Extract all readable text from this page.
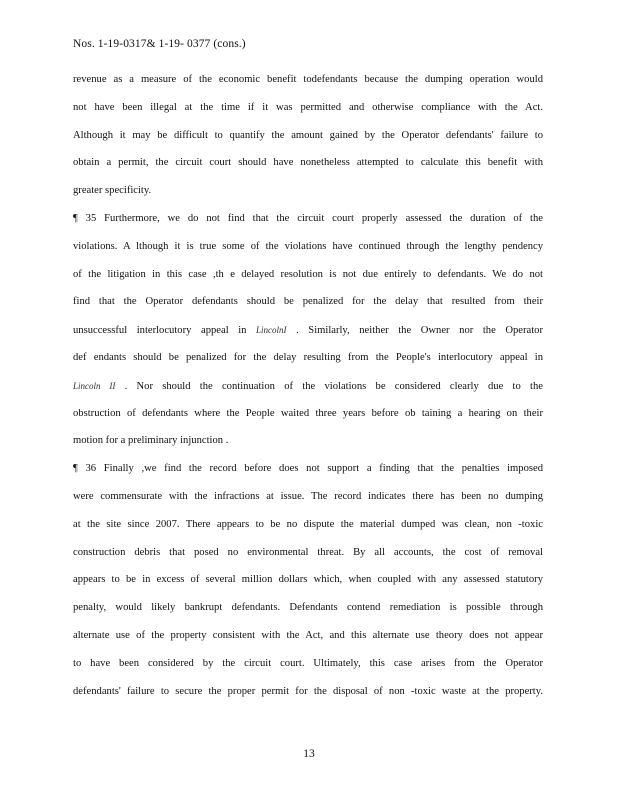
Nos. 1-19-0317& 1-19- 0377 (cons.)
revenue as a measure of the economic benefit todefendants because the dumping operation would
not have been illegal at the time if it was permitted and otherwise compliance with the Act.
Although it may be difficult to quantify the amount gained by the Operator defendants' failure to
obtain a permit, the circuit court should have nonetheless attempted to calculate this benefit with
greater specificity.
¶ 35 Furthermore, we do not find that the circuit court properly assessed the duration of the
violations. A lthough it is true some of the violations have continued through the lengthy pendency
of the litigation in this case ,th e delayed resolution is not due entirely to defendants. We do not
find that the Operator defendants should be penalized for the delay that resulted from their
unsuccessful interlocutory appeal in LincolnI . Similarly, neither the Owner nor the Operator
def endants should be penalized for the delay resulting from the People's interlocutory appeal in
Lincoln II . Nor should the continuation of the violations be considered clearly due to the
obstruction of defendants where the People waited three years before ob taining a hearing on their
motion for a preliminary injunction .
¶ 36 Finally ,we find the record before does not support a finding that the penalties imposed
were commensurate with the infractions at issue. The record indicates there has been no dumping
at the site since 2007. There appears to be no dispute the material dumped was clean, non -toxic
construction debris that posed no environmental threat. By all accounts, the cost of removal
appears to be in excess of several million dollars which, when coupled with any assessed statutory
penalty, would likely bankrupt defendants. Defendants contend remediation is possible through
alternate use of the property consistent with the Act, and this alternate use theory does not appear
to have been considered by the circuit court. Ultimately, this case arises from the Operator
defendants' failure to secure the proper permit for the disposal of non -toxic waste at the property.
13
